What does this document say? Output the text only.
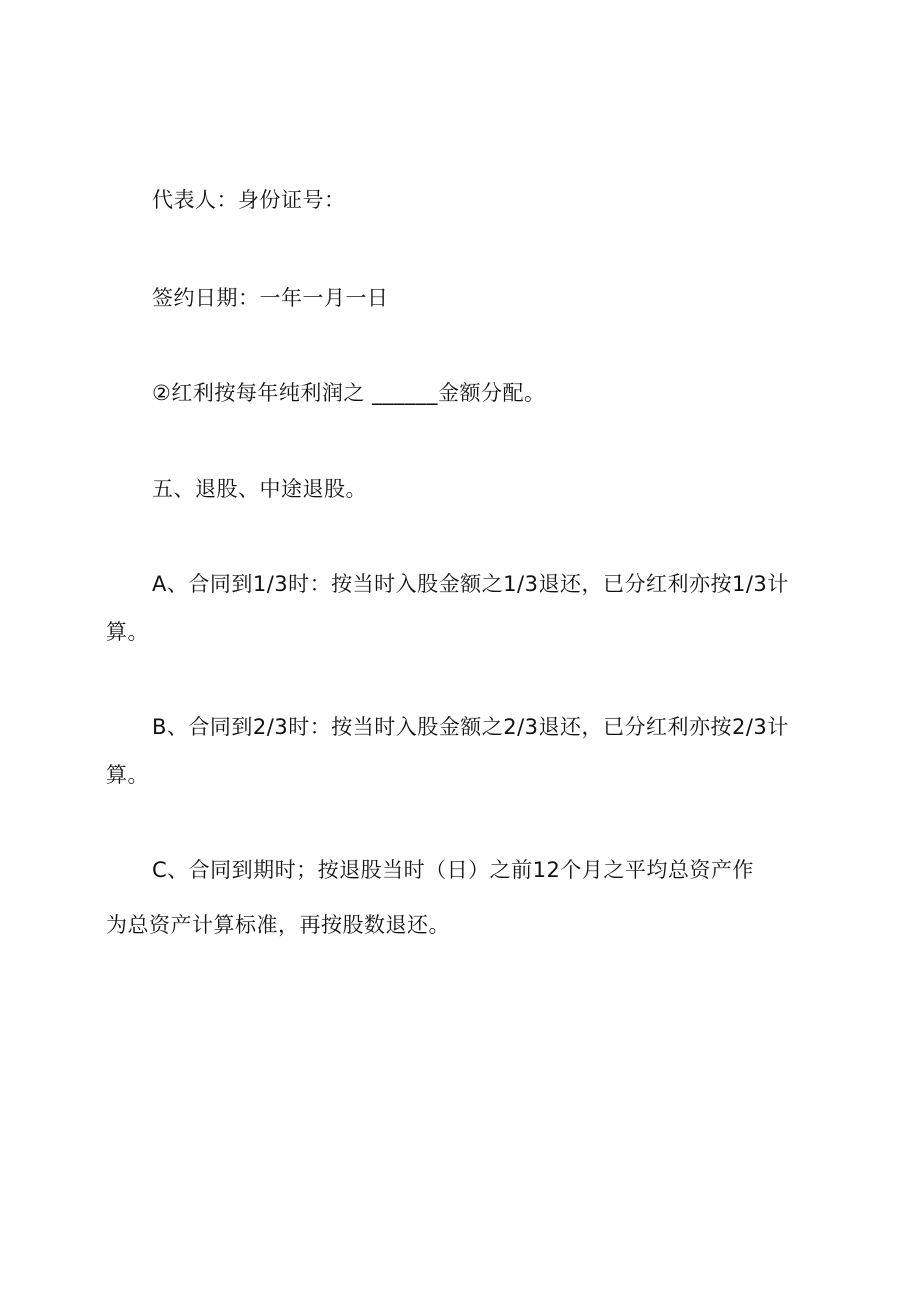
代表人：身份证号：
签约日期：一年一月一日
②红利按每年纯利润之 ______金额分配。
五、退股、中途退股。
A、合同到1/3时：按当时入股金额之1/3退还，已分红利亦按1/3计
算。
B、合同到2/3时：按当时入股金额之2/3退还，已分红利亦按2/3计
算。
C、合同到期时；按退股当时（日）之前12个月之平均总资产作
为总资产计算标准，再按股数退还。
